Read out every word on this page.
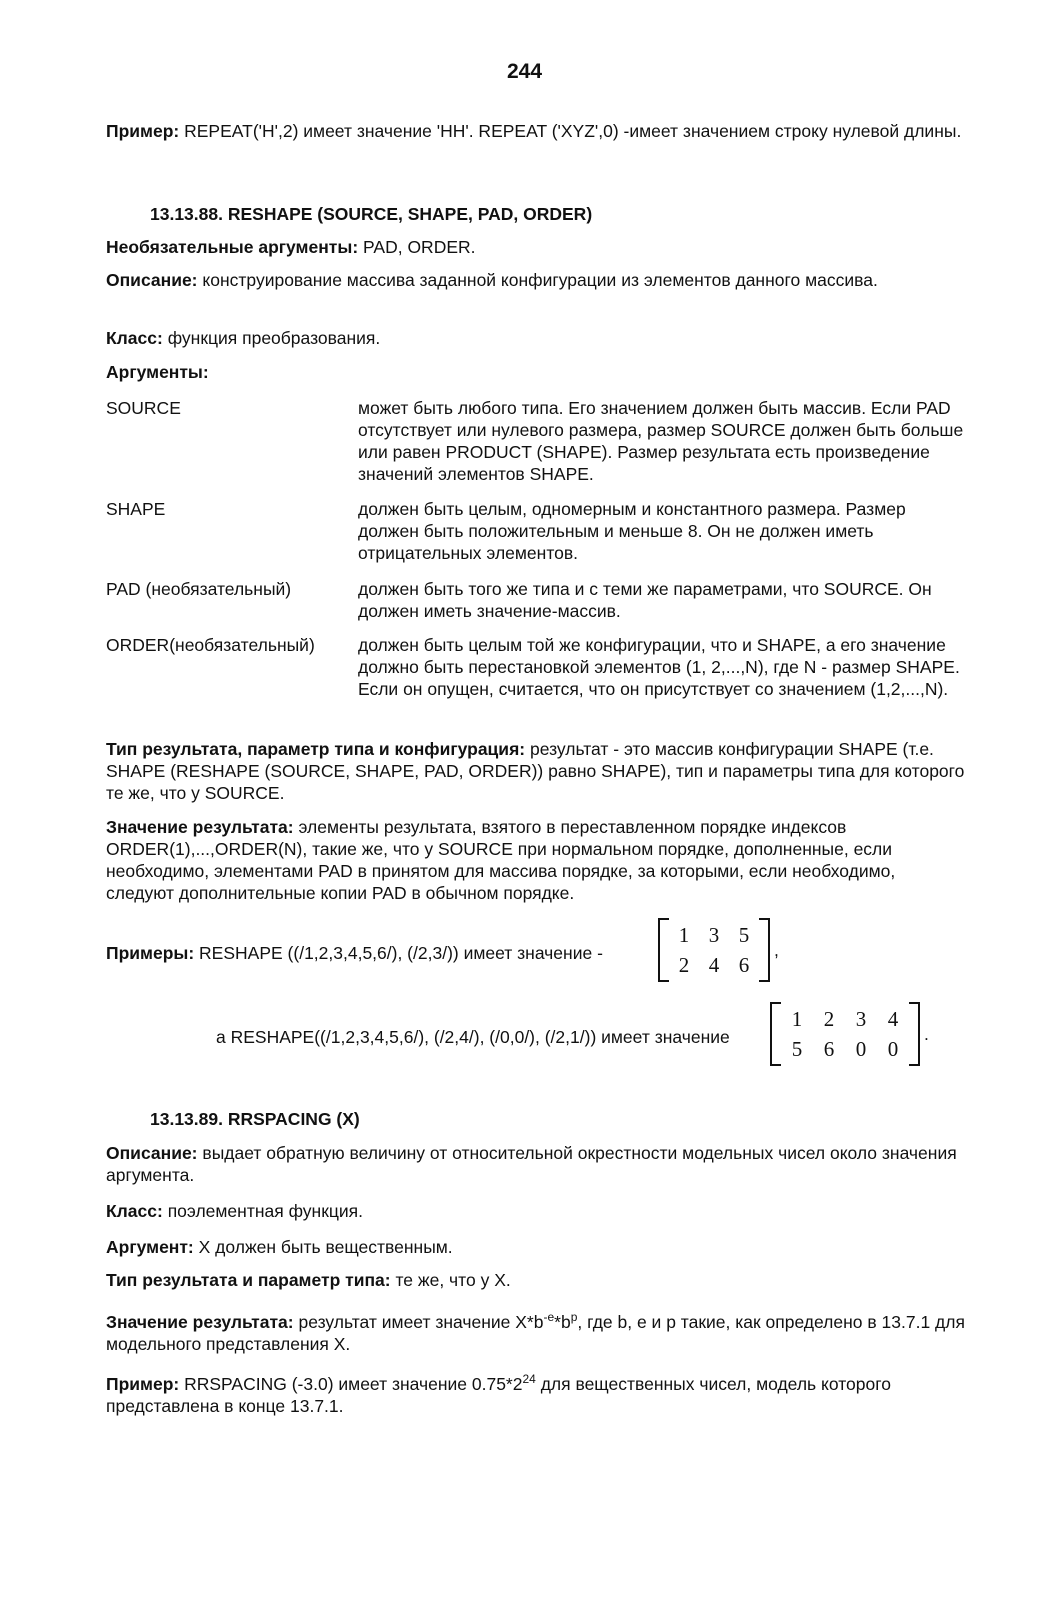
244
Пример: REPEAT('H',2) имеет значение 'HH'. REPEAT ('XYZ',0) -имеет значением строку нулевой длины.
13.13.88. RESHAPE (SOURCE, SHAPE, PAD, ORDER)
Необязательные аргументы: PAD, ORDER.
Описание: конструирование массива заданной конфигурации из элементов данного массива.
Класс: функция преобразования.
Аргументы:
SOURCE	может быть любого типа. Его значением должен быть массив. Если PAD отсутствует или нулевого размера, размер SOURCE должен быть больше или равен PRODUCT (SHAPE). Размер результата есть произведение значений элементов SHAPE.
SHAPE	должен быть целым, одномерным и константного размера. Размер должен быть положительным и меньше 8. Он не должен иметь отрицательных элементов.
PAD (необязательный)	должен быть того же типа и с теми же параметрами, что SOURCE. Он должен иметь значение-массив.
ORDER(необязательный) должен быть целым той же конфигурации, что и SHAPE, а его значение должно быть перестановкой элементов (1, 2,...,N), где N - размер SHAPE. Если он опущен, считается, что он присутствует со значением (1,2,...,N).
Тип результата, параметр типа и конфигурация: результат - это массив конфигурации SHAPE (т.е. SHAPE (RESHAPE (SOURCE, SHAPE, PAD, ORDER)) равно SHAPE), тип и параметры типа для которого те же, что у SOURCE.
Значение результата: элементы результата, взятого в переставленном порядке индексов ORDER(1),...,ORDER(N), такие же, что у SOURCE при нормальном порядке, дополненные, если необходимо, элементами PAD в принятом для массива порядке, за которыми, если необходимо, следуют дополнительные копии PAD в обычном порядке.
Примеры: RESHAPE ((/1,2,3,4,5,6/), (/2,3/)) имеет значение -
1 3 5
2 4 6
,
а RESHAPE((/1,2,3,4,5,6/), (/2,4/), (/0,0/), (/2,1/)) имеет значение
1	2	3	4
5	6	0	0
.
13.13.89. RRSPACING (X)
Описание: выдает обратную величину от относительной окрестности модельных чисел около значения аргумента.
Класс: поэлементная функция.
Аргумент: X должен быть вещественным.
Тип результата и параметр типа: те же, что у X.
Значение результата: результат имеет значение $X*b^{-e}*b^p$, где b, e и p такие, как определено в 13.7.1 для модельного представления X.
Пример: RRSPACING (-3.0) имеет значение $0.75*2^{24}$ для вещественных чисел, модель которого представлена в конце 13.7.1.
